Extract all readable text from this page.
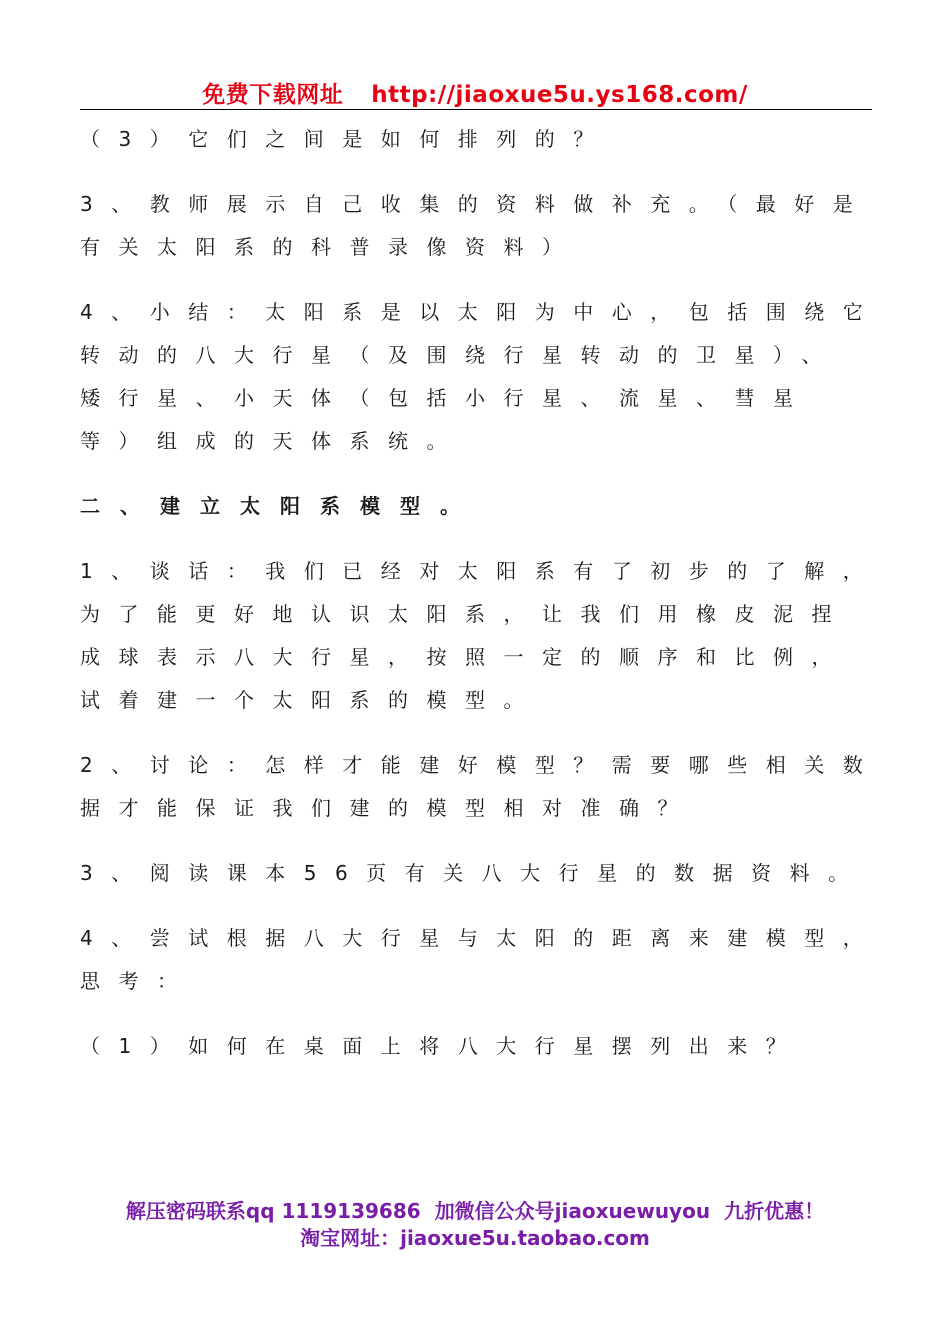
免费下载网址 http://jiaoxue5u.ys168.com/
（3）它们之间是如何排列的？
3、教师展示自己收集的资料做补充。（最好是
有关太阳系的科普录像资料）
4、小结：太阳系是以太阳为中心，包括围绕它
转动的八大行星（及围绕行星转动的卫星）、
矮行星、小天体（包括小行星、流星、彗星
等）组成的天体系统。
二、建立太阳系模型。
1、谈话：我们已经对太阳系有了初步的了解，
为了能更好地认识太阳系，让我们用橡皮泥捏
成球表示八大行星，按照一定的顺序和比例，
试着建一个太阳系的模型。
2、讨论：怎样才能建好模型？需要哪些相关数
据才能保证我们建的模型相对准确？
3、阅读课本56页有关八大行星的数据资料。
4、尝试根据八大行星与太阳的距离来建模型，
思考：
（1）如何在桌面上将八大行星摆列出来？
解压密码联系qq 1119139686 加微信公众号jiaoxuewuyou 九折优惠！
淘宝网址：jiaoxue5u.taobao.com
